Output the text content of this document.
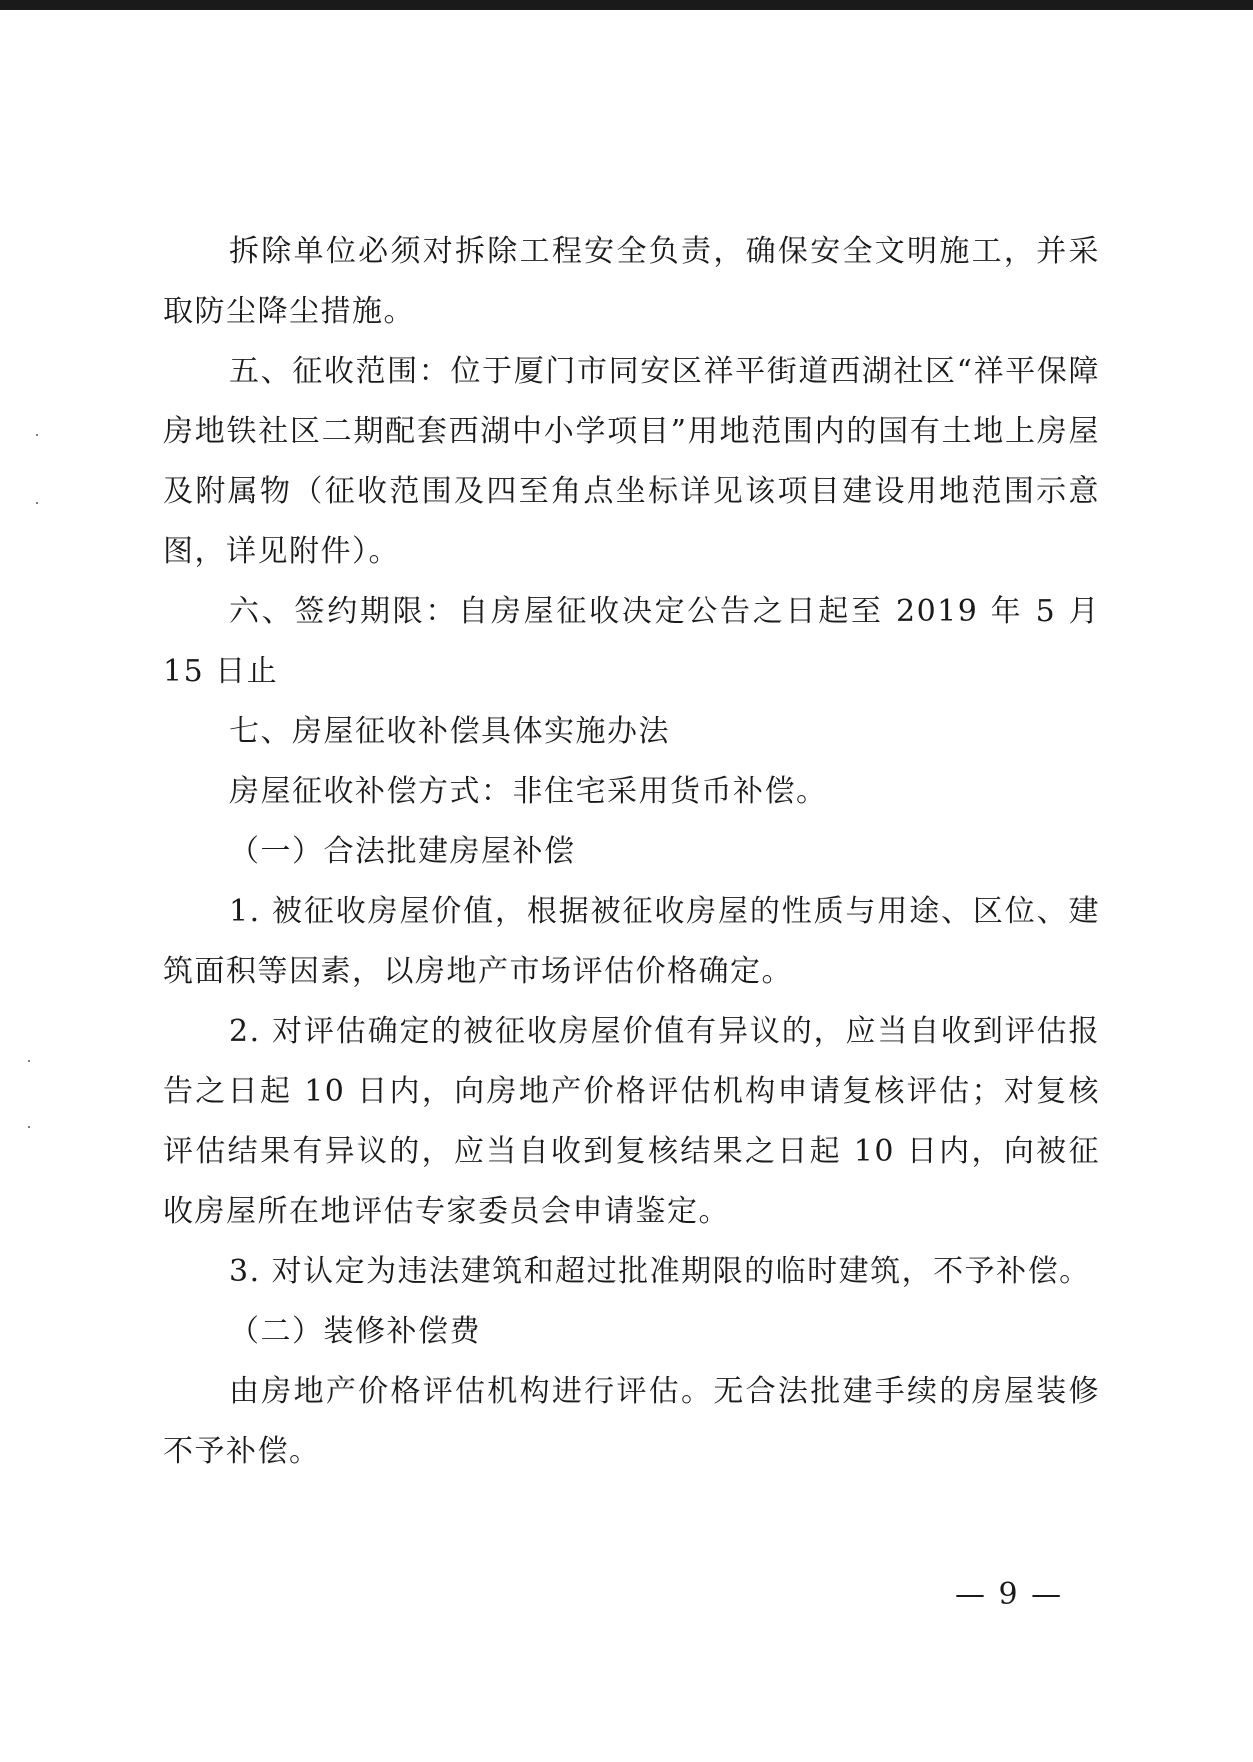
拆除单位必须对拆除工程安全负责，确保安全文明施工，并采取防尘降尘措施。

五、征收范围：位于厦门市同安区祥平街道西湖社区“祥平保障房地铁社区二期配套西湖中小学项目”用地范围内的国有土地上房屋及附属物（征收范围及四至角点坐标详见该项目建设用地范围示意图，详见附件）。

六、签约期限：自房屋征收决定公告之日起至 2019 年 5 月 15 日止

七、房屋征收补偿具体实施办法

房屋征收补偿方式：非住宅采用货币补偿。

（一）合法批建房屋补偿

1. 被征收房屋价值，根据被征收房屋的性质与用途、区位、建筑面积等因素，以房地产市场评估价格确定。

2. 对评估确定的被征收房屋价值有异议的，应当自收到评估报告之日起 10 日内，向房地产价格评估机构申请复核评估；对复核评估结果有异议的，应当自收到复核结果之日起 10 日内，向被征收房屋所在地评估专家委员会申请鉴定。

3. 对认定为违法建筑和超过批准期限的临时建筑，不予补偿。

（二）装修补偿费

由房地产价格评估机构进行评估。无合法批建手续的房屋装修不予补偿。

— 9 —
